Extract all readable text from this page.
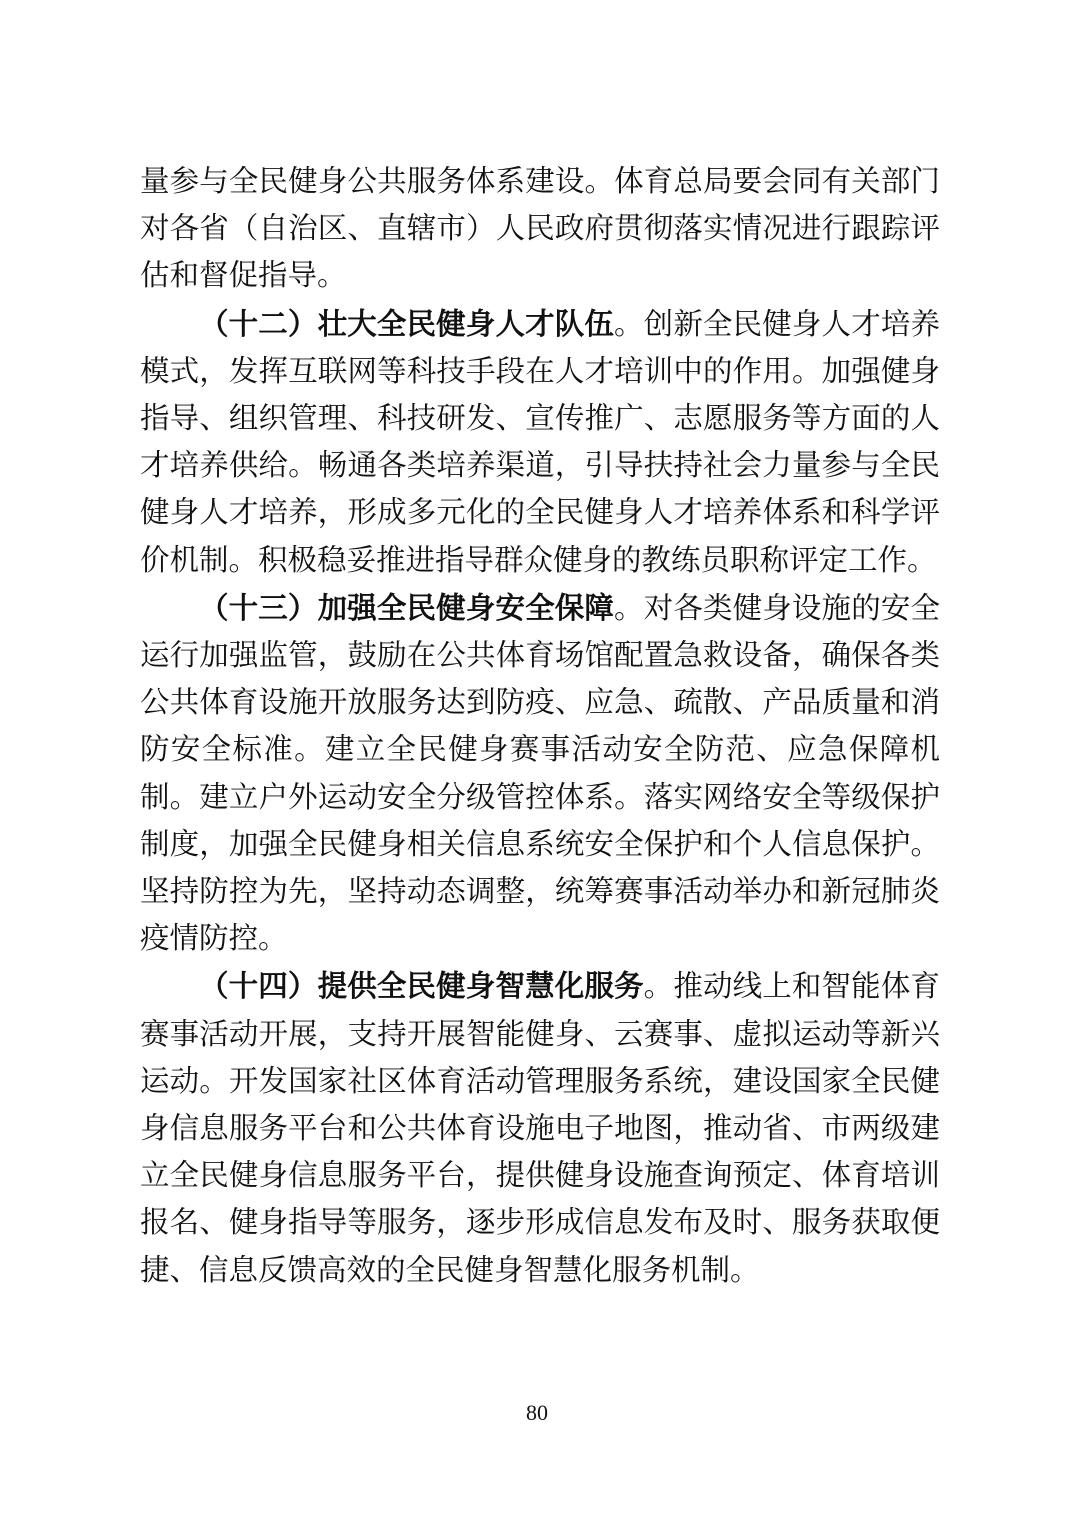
量参与全民健身公共服务体系建设。体育总局要会同有关部门对各省（自治区、直辖市）人民政府贯彻落实情况进行跟踪评估和督促指导。

（十二）壮大全民健身人才队伍。创新全民健身人才培养模式，发挥互联网等科技手段在人才培训中的作用。加强健身指导、组织管理、科技研发、宣传推广、志愿服务等方面的人才培养供给。畅通各类培养渠道，引导扶持社会力量参与全民健身人才培养，形成多元化的全民健身人才培养体系和科学评价机制。积极稳妥推进指导群众健身的教练员职称评定工作。

（十三）加强全民健身安全保障。对各类健身设施的安全运行加强监管，鼓励在公共体育场馆配置急救设备，确保各类公共体育设施开放服务达到防疫、应急、疏散、产品质量和消防安全标准。建立全民健身赛事活动安全防范、应急保障机制。建立户外运动安全分级管控体系。落实网络安全等级保护制度，加强全民健身相关信息系统安全保护和个人信息保护。坚持防控为先，坚持动态调整，统筹赛事活动举办和新冠肺炎疫情防控。

（十四）提供全民健身智慧化服务。推动线上和智能体育赛事活动开展，支持开展智能健身、云赛事、虚拟运动等新兴运动。开发国家社区体育活动管理服务系统，建设国家全民健身信息服务平台和公共体育设施电子地图，推动省、市两级建立全民健身信息服务平台，提供健身设施查询预定、体育培训报名、健身指导等服务，逐步形成信息发布及时、服务获取便捷、信息反馈高效的全民健身智慧化服务机制。

80
